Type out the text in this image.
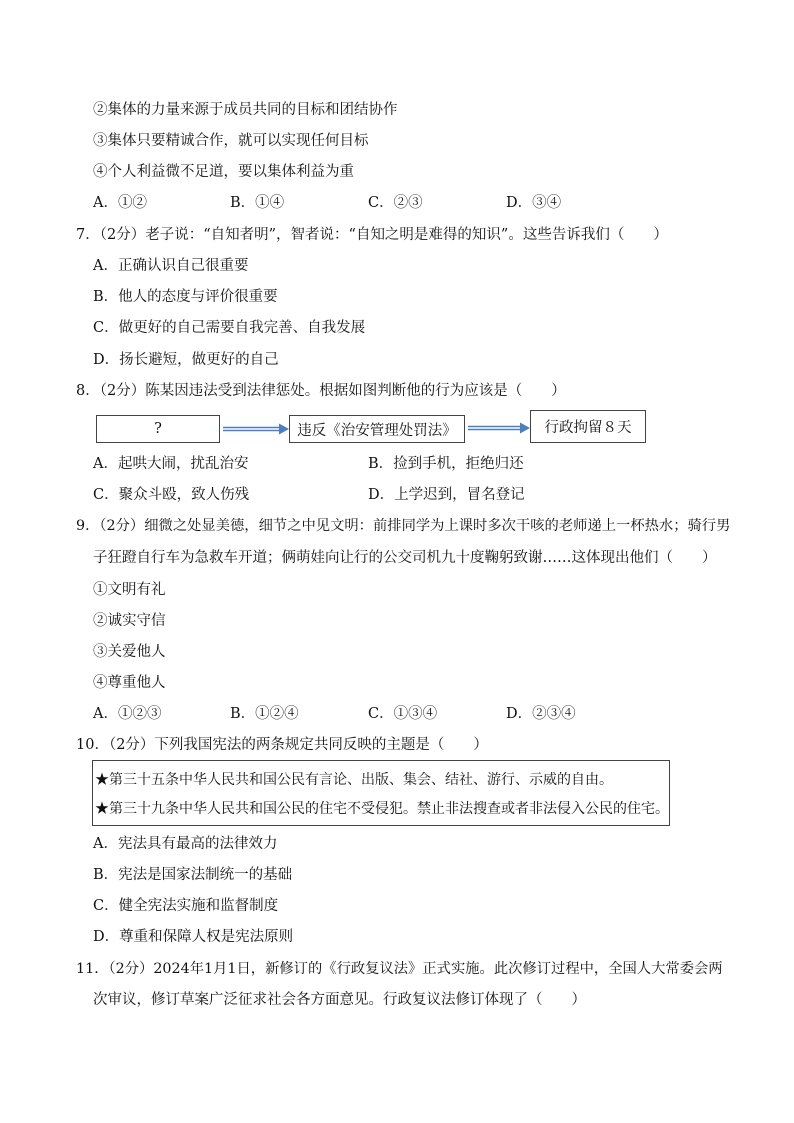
②集体的力量来源于成员共同的目标和团结协作
③集体只要精诚合作，就可以实现任何目标
④个人利益微不足道，要以集体利益为重
A．①②	B．①④	C．②③	D．③④
7．（2分）老子说：“自知者明”，智者说：“自知之明是难得的知识”。这些告诉我们（　　）
A．正确认识自己很重要
B．他人的态度与评价很重要
C．做更好的自己需要自我完善、自我发展
D．扬长避短，做更好的自己
8．（2分）陈某因违法受到法律惩处。根据如图判断他的行为应该是（　　）
?	违反《治安管理处罚法》	行政拘留８天
A．起哄大闹，扰乱治安	B．捡到手机，拒绝归还
C．聚众斗殴，致人伤残	D．上学迟到，冒名登记
9．（2分）细微之处显美德，细节之中见文明：前排同学为上课时多次干咳的老师递上一杯热水；骑行男
子狂蹬自行车为急救车开道；俩萌娃向让行的公交司机九十度鞠躬致谢……这体现出他们（　　）
①文明有礼
②诚实守信
③关爱他人
④尊重他人
A．①②③	B．①②④	C．①③④	D．②③④
10．（2分）下列我国宪法的两条规定共同反映的主题是（　　）
★第三十五条中华人民共和国公民有言论、出版、集会、结社、游行、示威的自由。
★第三十九条中华人民共和国公民的住宅不受侵犯。禁止非法搜查或者非法侵入公民的住宅。
A．宪法具有最高的法律效力
B．宪法是国家法制统一的基础
C．健全宪法实施和监督制度
D．尊重和保障人权是宪法原则
11．（2分）2024年1月1日，新修订的《行政复议法》正式实施。此次修订过程中，全国人大常委会两
次审议，修订草案广泛征求社会各方面意见。行政复议法修订体现了（　　）
